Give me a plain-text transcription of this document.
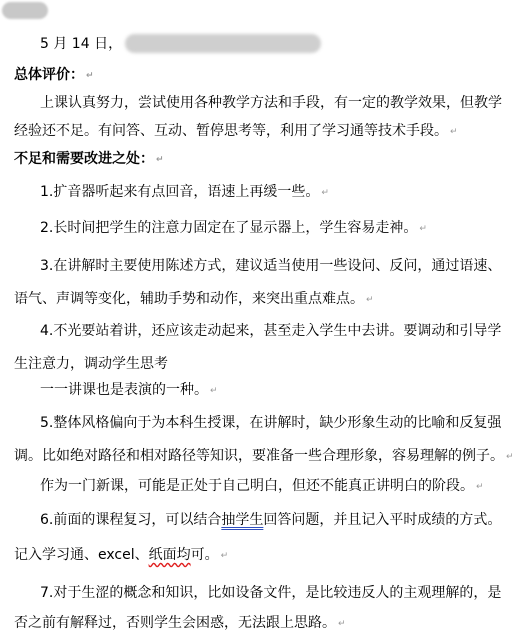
5 月 14 日，
总体评价： ↵
上课认真努力，尝试使用各种教学方法和手段，有一定的教学效果，但教学
经验还不足。有问答、互动、暂停思考等，利用了学习通等技术手段。 ↵
不足和需要改进之处： ↵
1.扩音器听起来有点回音，语速上再缓一些。 ↵
2.长时间把学生的注意力固定在了显示器上，学生容易走神。 ↵
3.在讲解时主要使用陈述方式，建议适当使用一些设问、反问，通过语速、
语气、声调等变化，辅助手势和动作，来突出重点难点。 ↵
4.不光要站着讲，还应该走动起来，甚至走入学生中去讲。要调动和引导学
生注意力，调动学生思考
一一讲课也是表演的一种。 ↵
5.整体风格偏向于为本科生授课，在讲解时，缺少形象生动的比喻和反复强
调。比如绝对路径和相对路径等知识，要准备一些合理形象，容易理解的例子。 ↵
作为一门新课，可能是正处于自己明白，但还不能真正讲明白的阶段。 ↵
6.前面的课程复习，可以结合抽学生回答问题，并且记入平时成绩的方式。
记入学习通、excel、纸面均可。 ↵
7.对于生涩的概念和知识，比如设备文件，是比较违反人的主观理解的，是
否之前有解释过，否则学生会困惑，无法跟上思路。 ↵
